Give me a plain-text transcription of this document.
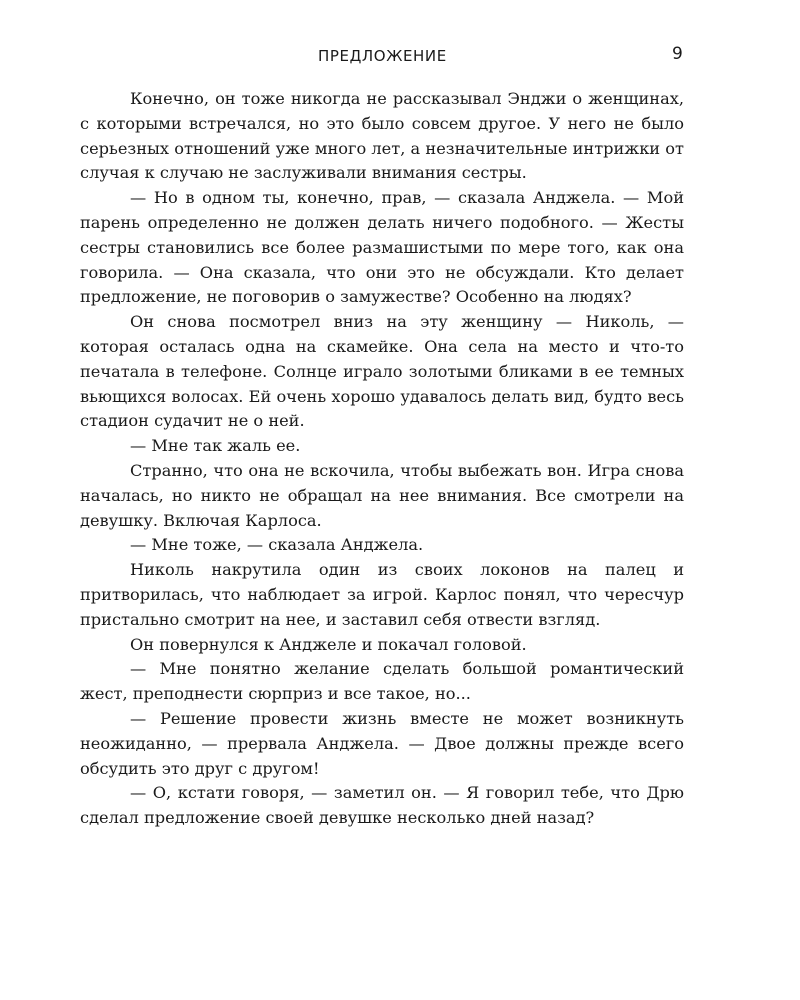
ПРЕДЛОЖЕНИЕ	9

Конечно, он тоже никогда не рассказывал Энджи о женщинах, с которыми встречался, но это было совсем другое. У него не было серьезных отношений уже много лет, а незначительные интрижки от случая к случаю не заслуживали внимания сестры.

— Но в одном ты, конечно, прав, — сказала Анджела. — Мой парень определенно не должен делать ничего подобного. — Жесты сестры становились все более размашистыми по мере того, как она говорила. — Она сказала, что они это не обсуждали. Кто делает предложение, не поговорив о замужестве? Особенно на людях?

Он снова посмотрел вниз на эту женщину — Николь, — которая осталась одна на скамейке. Она села на место и что-то печатала в телефоне. Солнце играло золотыми бликами в ее темных вьющихся волосах. Ей очень хорошо удавалось делать вид, будто весь стадион судачит не о ней.

— Мне так жаль ее.

Странно, что она не вскочила, чтобы выбежать вон. Игра снова началась, но никто не обращал на нее внимания. Все смотрели на девушку. Включая Карлоса.

— Мне тоже, — сказала Анджела.

Николь накрутила один из своих локонов на палец и притворилась, что наблюдает за игрой. Карлос понял, что чересчур пристально смотрит на нее, и заставил себя отвести взгляд.

Он повернулся к Анджеле и покачал головой.

— Мне понятно желание сделать большой романтический жест, преподнести сюрприз и все такое, но...

— Решение провести жизнь вместе не может возникнуть неожиданно, — прервала Анджела. — Двое должны прежде всего обсудить это друг с другом!

— О, кстати говоря, — заметил он. — Я говорил тебе, что Дрю сделал предложение своей девушке несколько дней назад?
